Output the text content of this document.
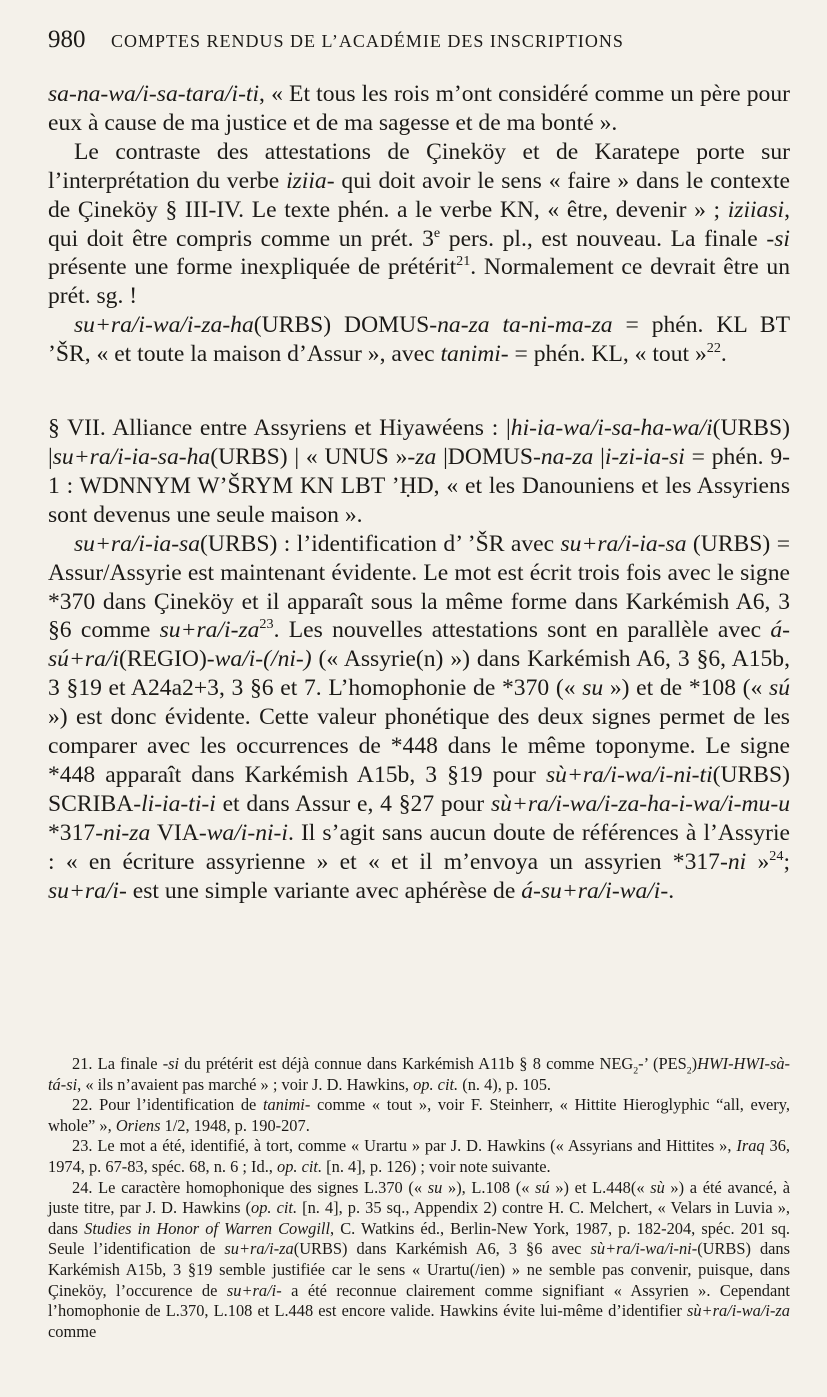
980 COMPTES RENDUS DE L’ACADÉMIE DES INSCRIPTIONS

sa-na-wa/i-sa-tara/i-ti, « Et tous les rois m’ont considéré comme un père pour eux à cause de ma justice et de ma sagesse et de ma bonté ».

Le contraste des attestations de Çineköy et de Karatepe porte sur l’interprétation du verbe iziia- qui doit avoir le sens « faire » dans le contexte de Çineköy § III-IV. Le texte phén. a le verbe KN, « être, devenir » ; iziiasi, qui doit être compris comme un prét. 3e pers. pl., est nouveau. La finale -si présente une forme inexpliquée de prétérit$^{21}$. Normalement ce devrait être un prét. sg. !

su+ra/i-wa/i-za-ha(URBS) DOMUS-na-za ta-ni-ma-za = phén. KL BT ’ŠR, « et toute la maison d’Assur », avec tanimi- = phén. KL, « tout »$^{22}$.

§ VII. Alliance entre Assyriens et Hiyawéens : |hi-ia-wa/i-sa-ha-wa/i(URBS) |su+ra/i-ia-sa-ha(URBS) | « UNUS »-za |DOMUS-na-za |i-zi-ia-si = phén. 9-1 : WDNNYM W’ŠRYM KN LBT ’ḤD, « et les Danouniens et les Assyriens sont devenus une seule maison ».

su+ra/i-ia-sa(URBS) : l’identification d’ ’ŠR avec su+ra/i-ia-sa (URBS) = Assur/Assyrie est maintenant évidente. Le mot est écrit trois fois avec le signe *370 dans Çineköy et il apparaît sous la même forme dans Karkémish A6, 3 §6 comme $su+ra/i-za^{23}$. Les nouvelles attestations sont en parallèle avec á-sú+ra/i(REGIO)-wa/i-(/ni-) (« Assyrie(n) ») dans Karkémish A6, 3 §6, A15b, 3 §19 et A24a2+3, 3 §6 et 7. L’homophonie de *370 (« su ») et de *108 (« sú ») est donc évidente. Cette valeur phonétique des deux signes permet de les comparer avec les occurrences de *448 dans le même toponyme. Le signe *448 apparaît dans Karkémish A15b, 3 §19 pour sù+ra/i-wa/i-ni-ti(URBS) SCRIBA-li-ia-ti-i et dans Assur e, 4 §27 pour sù+ra/i-wa/i-za-ha-i-wa/i-mu-u *317-ni-za VIA-wa/i-ni-i. Il s’agit sans aucun doute de références à l’Assyrie : « en écriture assyrienne » et « et il m’envoya un assyrien *317-ni »$^{24}$; su+ra/i- est une simple variante avec aphérèse de á-su+ra/i-wa/i-.

21. La finale -si du prétérit est déjà connue dans Karkémish A11b § 8 comme $NEG_2-$’ $(PES_2)HWI-HWI-sà-tá-si$, « ils n’avaient pas marché » ; voir J. D. Hawkins, op. cit. (n. 4), p. 105.

22. Pour l’identification de tanimi- comme « tout », voir F. Steinherr, « Hittite Hieroglyphic “all, every, whole” », Oriens 1/2, 1948, p. 190-207.

23. Le mot a été, identifié, à tort, comme « Urartu » par J. D. Hawkins (« Assyrians and Hittites », Iraq 36, 1974, p. 67-83, spéc. 68, n. 6 ; Id., op. cit. [n. 4], p. 126) ; voir note suivante.

24. Le caractère homophonique des signes L.370 (« su »), L.108 (« sú ») et L.448(« sù ») a été avancé, à juste titre, par J. D. Hawkins (op. cit. [n. 4], p. 35 sq., Appendix 2) contre H. C. Melchert, « Velars in Luvia », dans Studies in Honor of Warren Cowgill, C. Watkins éd., Berlin-New York, 1987, p. 182-204, spéc. 201 sq. Seule l’identification de su+ra/i-za(URBS) dans Karkémish A6, 3 §6 avec sù+ra/i-wa/i-ni-(URBS) dans Karkémish A15b, 3 §19 semble justifiée car le sens « Urartu(/ien) » ne semble pas convenir, puisque, dans Çineköy, l’occurence de su+ra/i- a été reconnue clairement comme signifiant « Assyrien ». Cependant l’homophonie de L.370, L.108 et L.448 est encore valide. Hawkins évite lui-même d’identifier sù+ra/i-wa/i-za comme
